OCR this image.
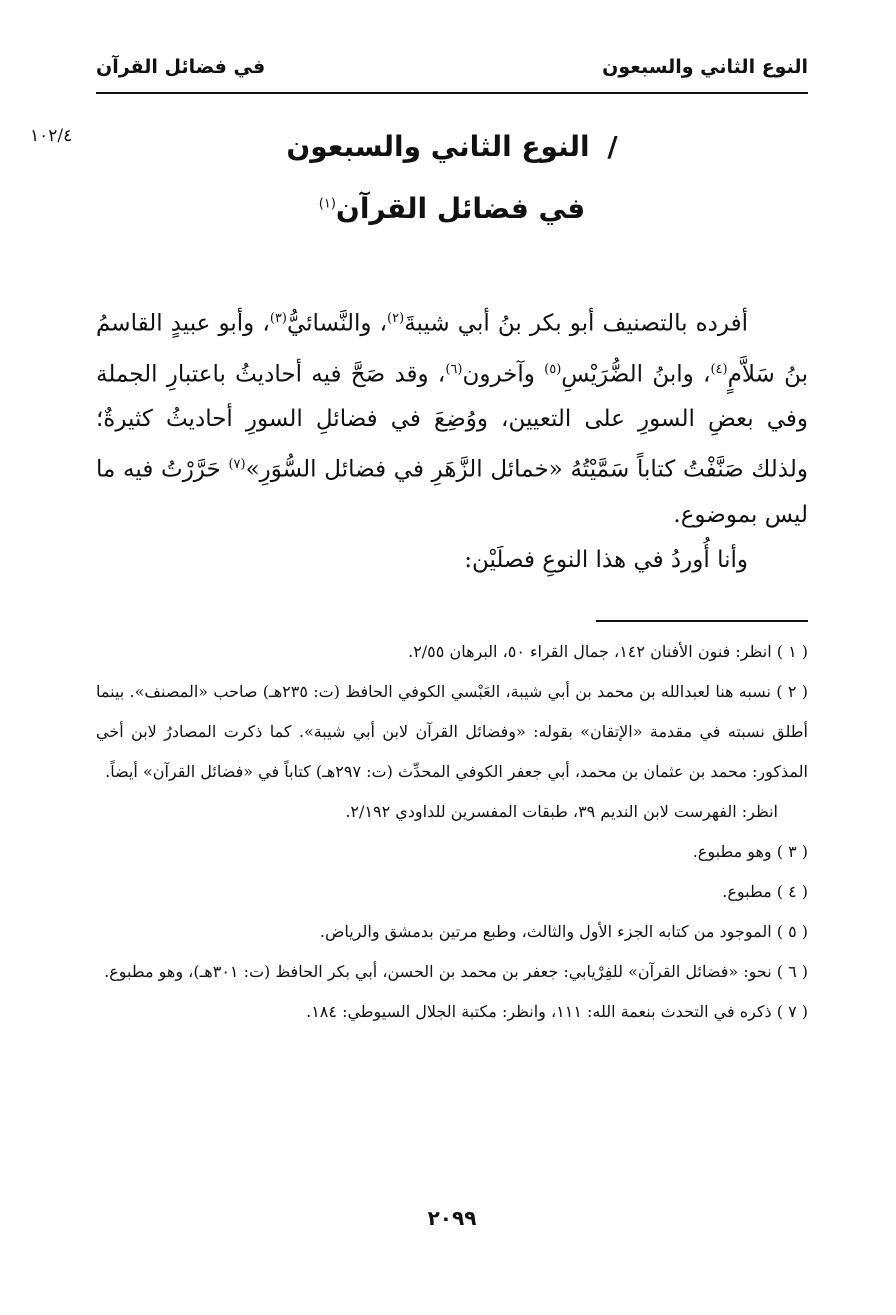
النوع الثاني والسبعون
في فضائل القرآن
١٠٢/٤	/ النوع الثاني والسبعون
في فضائل القرآن$^{(١)}$

أفرده بالتصنيف أبو بكر بنُ أبي شيبةَ$^{(٢)}$، والنَّسائيُّ$^{(٣)}$، وأبو عبيدٍ القاسمُ بنُ سَلاَّمٍ$^{(٤)}$، وابنُ الضُّرَيْسِ$^{(٥)}$ وآخرون$^{(٦)}$، وقد صَحَّ فيه أحاديثُ باعتبارِ الجملة وفي بعضِ السورِ على التعيين، ووُضِعَ في فضائلِ السورِ أحاديثُ كثيرةٌ؛ ولذلك صَنَّفْتُ كتاباً سَمَّيْتُهُ «خمائل الزَّهَرِ في فضائل السُّوَرِ»$^{(٧)}$ حَرَّرْتُ فيه ما ليس بموضوع.

وأنا أُوردُ في هذا النوعِ فصلَيْن:

( ١ ) انظر: فنون الأفنان ١٤٢، جمال القراء ٥٠، البرهان ٢/٥٥.

( ٢ ) نسبه هنا لعبدالله بن محمد بن أبي شيبة، العَبْسي الكوفي الحافظ (ت: ٢٣٥هـ) صاحب «المصنف». بينما أطلق نسبته في مقدمة «الإتقان» بقوله: «وفضائل القرآن لابن أبي شيبة». كما ذكرت المصادرُ لابن أخي المذكور: محمد بن عثمان بن محمد، أبي جعفر الكوفي المحدِّث (ت: ٢٩٧هـ) كتاباً في «فضائل القرآن» أيضاً.

انظر: الفهرست لابن النديم ٣٩، طبقات المفسرين للداودي ٢/١٩٢.

( ٣ ) وهو مطبوع.

( ٤ ) مطبوع.

( ٥ ) الموجود من كتابه الجزء الأول والثالث، وطبع مرتين بدمشق والرياض.

( ٦ ) نحو: «فضائل القرآن» للفِرْيابي: جعفر بن محمد بن الحسن، أبي بكر الحافظ (ت: ٣٠١هـ)، وهو مطبوع.

( ٧ ) ذكره في التحدث بنعمة الله: ١١١، وانظر: مكتبة الجلال السيوطي: ١٨٤.

٢٠٩٩
